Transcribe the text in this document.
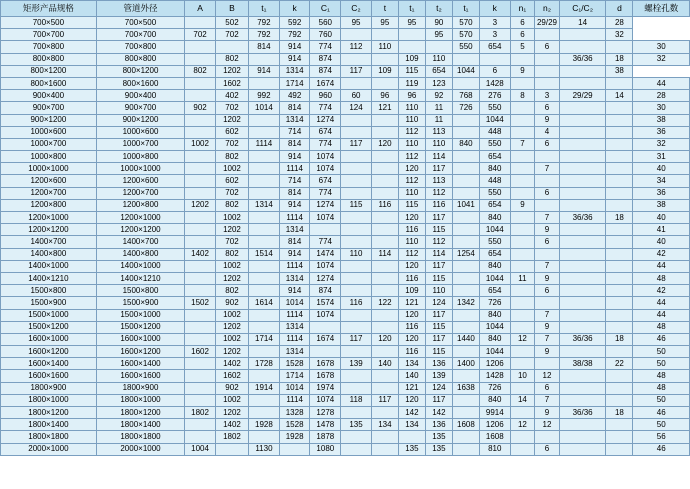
矩形产品规格	管道外径	A	B	t₁	k	C₁	C₂	t	t₁	t₂	t₁	k	n₁	n₂	C₁/C₂	d	螺栓孔数
700×500	700×500		502	792	592	560	95	95	95	90	570	3	6	29/29	14	28	
700×700	700×700	702	702	792	792	760				95	570	3	6			32	
700×800	700×800			814	914	774	112	110			550	654	5	6			30
800×800	800×800		802		914	874			109	110					36/36	18	32
800×1200	800×1200	802	1202	914	1314	874	117	109	115	654	1044	6	9			38	
800×1600	800×1600		1602		1714	1674			119	123		1428					44
900×400	900×400		402	992	492	960	60	96	96	92	768	276	8	3	29/29	14	28
900×700	900×700	902	702	1014	814	774	124	121	110	11	726	550		6			30
900×1200	900×1200		1202		1314	1274			110	11		1044		9			38
1000×600	1000×600		602		714	674			112	113		448		4			36
1000×700	1000×700	1002	702	1114	814	774	117	120	110	110	840	550	7	6			32
1000×800	1000×800		802		914	1074			112	114		654					31
1000×1000	1000×1000		1002		1114	1074			120	117		840		7			40
1200×600	1200×600		602		714	674			112	113		448					34
1200×700	1200×700		702		814	774			110	112		550		6			36
1200×800	1200×800	1202	802	1314	914	1274	115	116	115	116	1041	654	9				38
1200×1000	1200×1000		1002		1114	1074			120	117		840		7	36/36	18	40
1200×1200	1200×1200		1202		1314				116	115		1044		9			41
1400×700	1400×700		702		814	774			110	112		550		6			40
1400×800	1400×800	1402	802	1514	914	1474	110	114	112	114	1254	654					42
1400×1000	1400×1000		1002		1114	1074			120	117		840		7			44
1400×1210	1400×1210		1202		1314	1274			116	115		1044	11	9			48
1500×800	1500×800		802		914	874			109	110		654		6			42
1500×900	1500×900	1502	902	1614	1014	1574	116	122	121	124	1342	726					44
1500×1000	1500×1000		1002		1114	1074			120	117		840		7			44
1500×1200	1500×1200		1202		1314				116	115		1044		9			48
1600×1000	1600×1000		1002	1714	1114	1674	117	120	120	117	1440	840	12	7	36/36	18	46
1600×1200	1600×1200	1602	1202		1314				116	115		1044		9			50
1600×1400	1600×1400		1402	1728	1528	1678	139	140	134	136	1400	1206			38/38	22	50
1600×1600	1600×1600		1602		1714	1678			140	139		1428	10	12			48
1800×900	1800×900		902	1914	1014	1974			121	124	1638	726		6			48
1800×1000	1800×1000		1002		1114	1074	118	117	120	117		840	14	7			50
1800×1200	1800×1200	1802	1202		1328	1278			142	142		9914		9	36/36	18	46
1800×1400	1800×1400		1402	1928	1528	1478	135	134	134	136	1608	1206	12	12			50
1800×1800	1800×1800		1802		1928	1878				135		1608					56
2000×1000	2000×1000	1004		1130		1080			135	135		810		6			46
